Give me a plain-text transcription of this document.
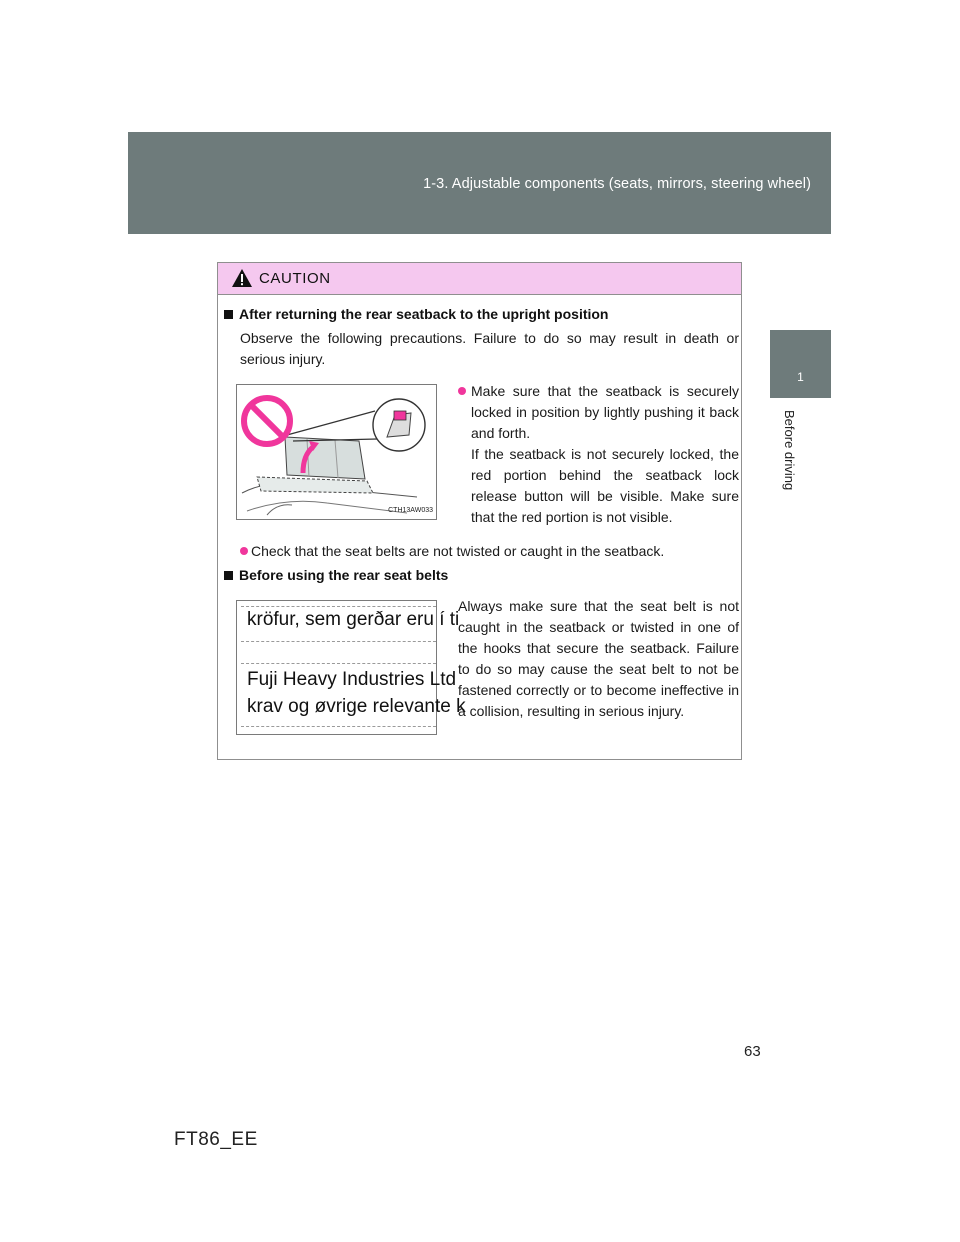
1-3. Adjustable components (seats, mirrors, steering wheel)
1
Before driving
CAUTION
After returning the rear seatback to the upright position
Observe the following precautions. Failure to do so may result in death or serious injury.
CTH13AW033
Make sure that the seatback is securely locked in position by lightly pushing it back and forth.
If the seatback is not securely locked, the red portion behind the seatback lock release button will be visible. Make sure that the red portion is not visible.
Check that the seat belts are not twisted or caught in the seatback.
Before using the rear seat belts
kröfur, sem gerðar eru í ti
Fuji Heavy Industries Ltd
krav og øvrige relevante k
Always make sure that the seat belt is not caught in the seatback or twisted in one of the hooks that secure the seatback. Failure to do so may cause the seat belt to not be fastened correctly or to become ineffective in a collision, resulting in serious injury.
63
FT86_EE
